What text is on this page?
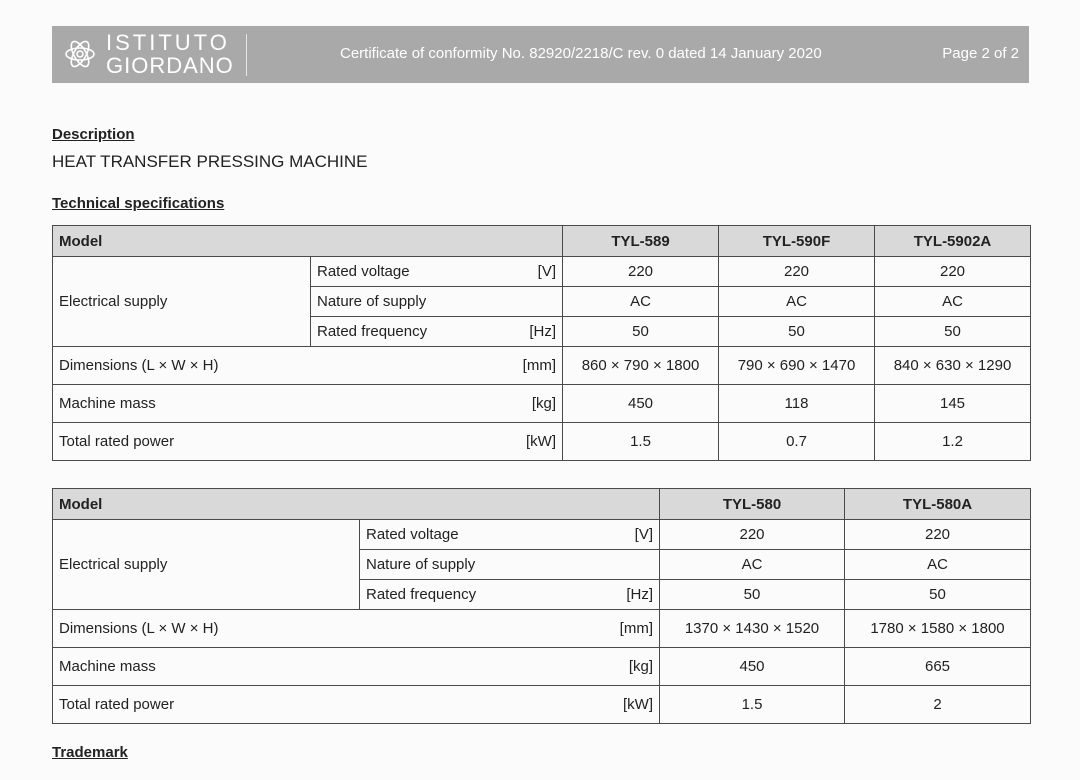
ISTITUTO
GIORDANO	Certificate of conformity No. 82920/2218/C rev. 0 dated 14 January 2020	Page 2 of 2
Description
HEAT TRANSFER PRESSING MACHINE
Technical specifications
Model		TYL-589	TYL-590F	TYL-5902A
Electrical supply	Rated voltage [V]	220	220	220
	Nature of supply	AC	AC	AC

	Rated frequency [Hz]	50	50	50

Dimensions (L × W × H) [mm]		860 × 790 × 1800	790 × 690 × 1470	840 × 630 × 1290

Machine mass [kg]		450	118	145

Total rated power [kW]		1.5	0.7	1.2
Model		TYL-580	TYL-580A
Electrical supply	Rated voltage [V]	220	220
	Nature of supply	AC	AC

	Rated frequency [Hz]	50	50

Dimensions (L × W × H) [mm]		1370 × 1430 × 1520	1780 × 1580 × 1800

Machine mass [kg]		450	665

Total rated power [kW]		1.5	2
Trademark
